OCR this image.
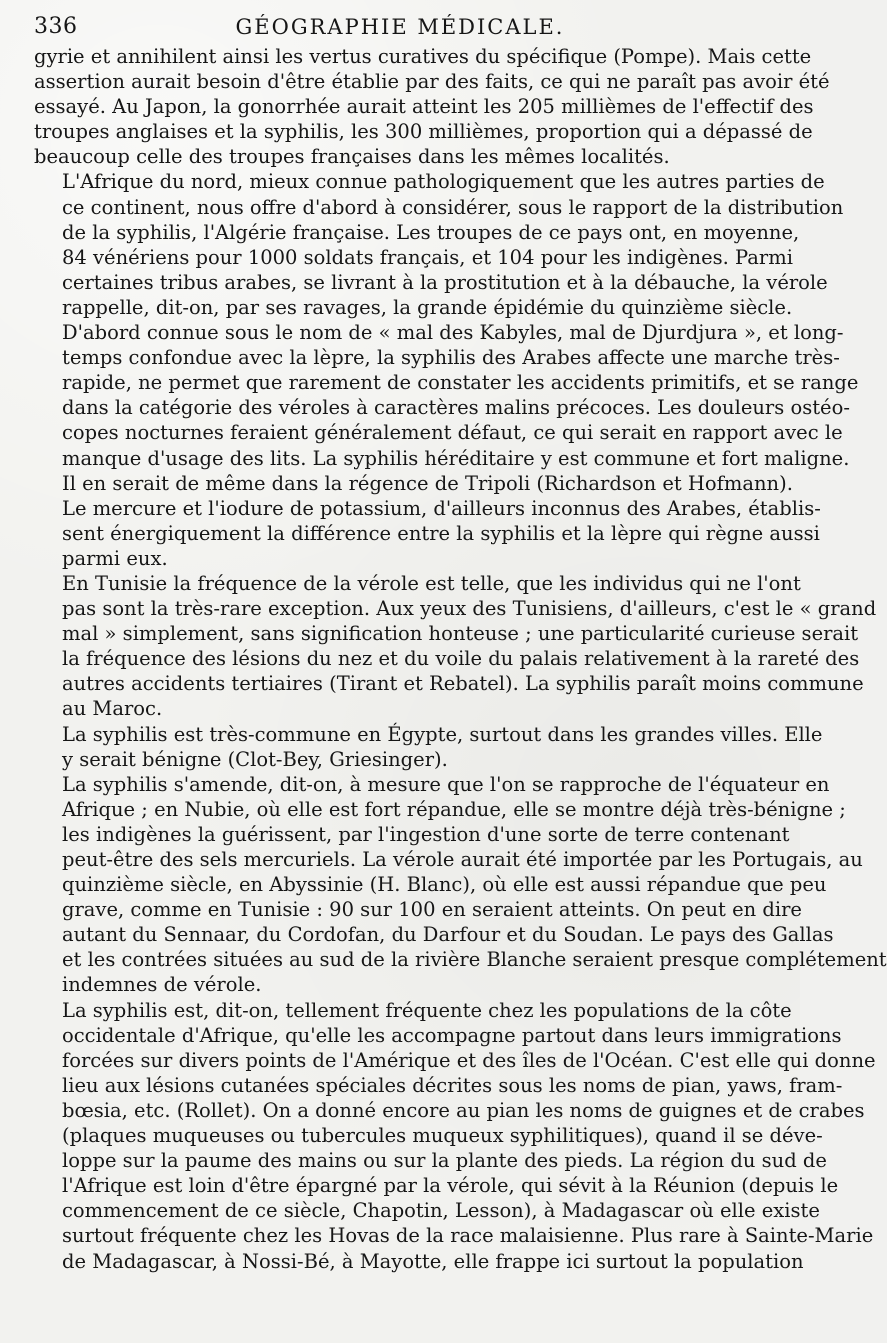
336	GÉOGRAPHIE MÉDICALE.
gyrie et annihilent ainsi les vertus curatives du spécifique (Pompe). Mais cette
assertion aurait besoin d'être établie par des faits, ce qui ne paraît pas avoir été
essayé. Au Japon, la gonorrhée aurait atteint les 205 millièmes de l'effectif des
troupes anglaises et la syphilis, les 300 millièmes, proportion qui a dépassé de
beaucoup celle des troupes françaises dans les mêmes localités.
L'Afrique du nord, mieux connue pathologiquement que les autres parties de
ce continent, nous offre d'abord à considérer, sous le rapport de la distribution
de la syphilis, l'Algérie française. Les troupes de ce pays ont, en moyenne,
84 vénériens pour 1000 soldats français, et 104 pour les indigènes. Parmi
certaines tribus arabes, se livrant à la prostitution et à la débauche, la vérole
rappelle, dit-on, par ses ravages, la grande épidémie du quinzième siècle.
D'abord connue sous le nom de « mal des Kabyles, mal de Djurdjura », et long-
temps confondue avec la lèpre, la syphilis des Arabes affecte une marche très-
rapide, ne permet que rarement de constater les accidents primitifs, et se range
dans la catégorie des véroles à caractères malins précoces. Les douleurs ostéo-
copes nocturnes feraient généralement défaut, ce qui serait en rapport avec le
manque d'usage des lits. La syphilis héréditaire y est commune et fort maligne.
Il en serait de même dans la régence de Tripoli (Richardson et Hofmann).
Le mercure et l'iodure de potassium, d'ailleurs inconnus des Arabes, établis-
sent énergiquement la différence entre la syphilis et la lèpre qui règne aussi
parmi eux.
En Tunisie la fréquence de la vérole est telle, que les individus qui ne l'ont
pas sont la très-rare exception. Aux yeux des Tunisiens, d'ailleurs, c'est le « grand
mal » simplement, sans signification honteuse ; une particularité curieuse serait
la fréquence des lésions du nez et du voile du palais relativement à la rareté des
autres accidents tertiaires (Tirant et Rebatel). La syphilis paraît moins commune
au Maroc.
La syphilis est très-commune en Égypte, surtout dans les grandes villes. Elle
y serait bénigne (Clot-Bey, Griesinger).
La syphilis s'amende, dit-on, à mesure que l'on se rapproche de l'équateur en
Afrique ; en Nubie, où elle est fort répandue, elle se montre déjà très-bénigne ;
les indigènes la guérissent, par l'ingestion d'une sorte de terre contenant
peut-être des sels mercuriels. La vérole aurait été importée par les Portugais, au
quinzième siècle, en Abyssinie (H. Blanc), où elle est aussi répandue que peu
grave, comme en Tunisie : 90 sur 100 en seraient atteints. On peut en dire
autant du Sennaar, du Cordofan, du Darfour et du Soudan. Le pays des Gallas
et les contrées situées au sud de la rivière Blanche seraient presque complétement
indemnes de vérole.
La syphilis est, dit-on, tellement fréquente chez les populations de la côte
occidentale d'Afrique, qu'elle les accompagne partout dans leurs immigrations
forcées sur divers points de l'Amérique et des îles de l'Océan. C'est elle qui donne
lieu aux lésions cutanées spéciales décrites sous les noms de pian, yaws, fram-
bœsia, etc. (Rollet). On a donné encore au pian les noms de guignes et de crabes
(plaques muqueuses ou tubercules muqueux syphilitiques), quand il se déve-
loppe sur la paume des mains ou sur la plante des pieds. La région du sud de
l'Afrique est loin d'être épargné par la vérole, qui sévit à la Réunion (depuis le
commencement de ce siècle, Chapotin, Lesson), à Madagascar où elle existe
surtout fréquente chez les Hovas de la race malaisienne. Plus rare à Sainte-Marie
de Madagascar, à Nossi-Bé, à Mayotte, elle frappe ici surtout la population
